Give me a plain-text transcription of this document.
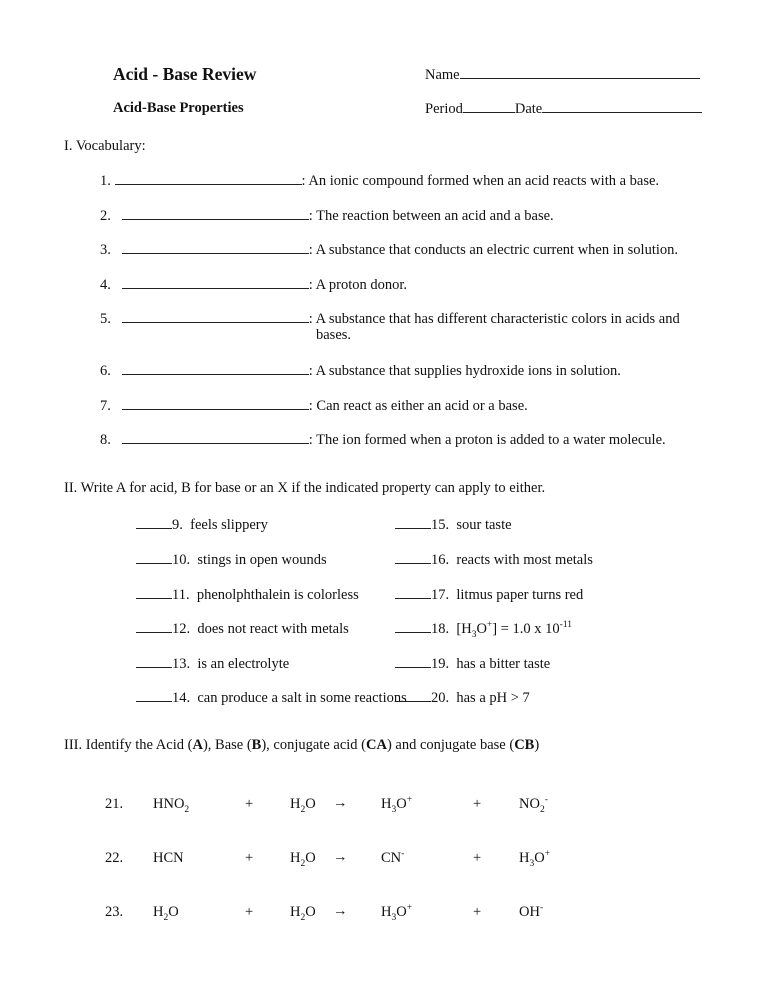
Acid - Base Review
Acid-Base Properties
Name
Period	Date
I. Vocabulary:
1.	: An ionic compound formed when an acid reacts with a base.
2.	: The reaction between an acid and a base.
3.	: A substance that conducts an electric current when in solution.
4.	: A proton donor.
5.	: A substance that has different characteristic colors in acids and
bases.
6.	: A substance that supplies hydroxide ions in solution.
7.	: Can react as either an acid or a base.
8.	: The ion formed when a proton is added to a water molecule.
II. Write A for acid, B for base or an X if the indicated property can apply to either.
9. feels slippery
10. stings in open wounds
11. phenolphthalein is colorless
12. does not react with metals
13. is an electrolyte
14. can produce a salt in some reactions
15. sour taste
16. reacts with most metals
17. litmus paper turns red
18. $[H_3O^+] = 1.0$ x $10^{-11}$
19. has a bitter taste
20. has a pH > 7
III. Identify the Acid (A), Base (B), conjugate acid (CA) and conjugate base (CB)
21. $HNO_2$	+	$H_2O \to H_3O^+$	+	$NO_2^-$
22. HCN	+	$H_2O \to CN^-$	+	$H_3O^+$
23. $H_2O$	+	$H_2O \to H_3O^+$	+	OH-
